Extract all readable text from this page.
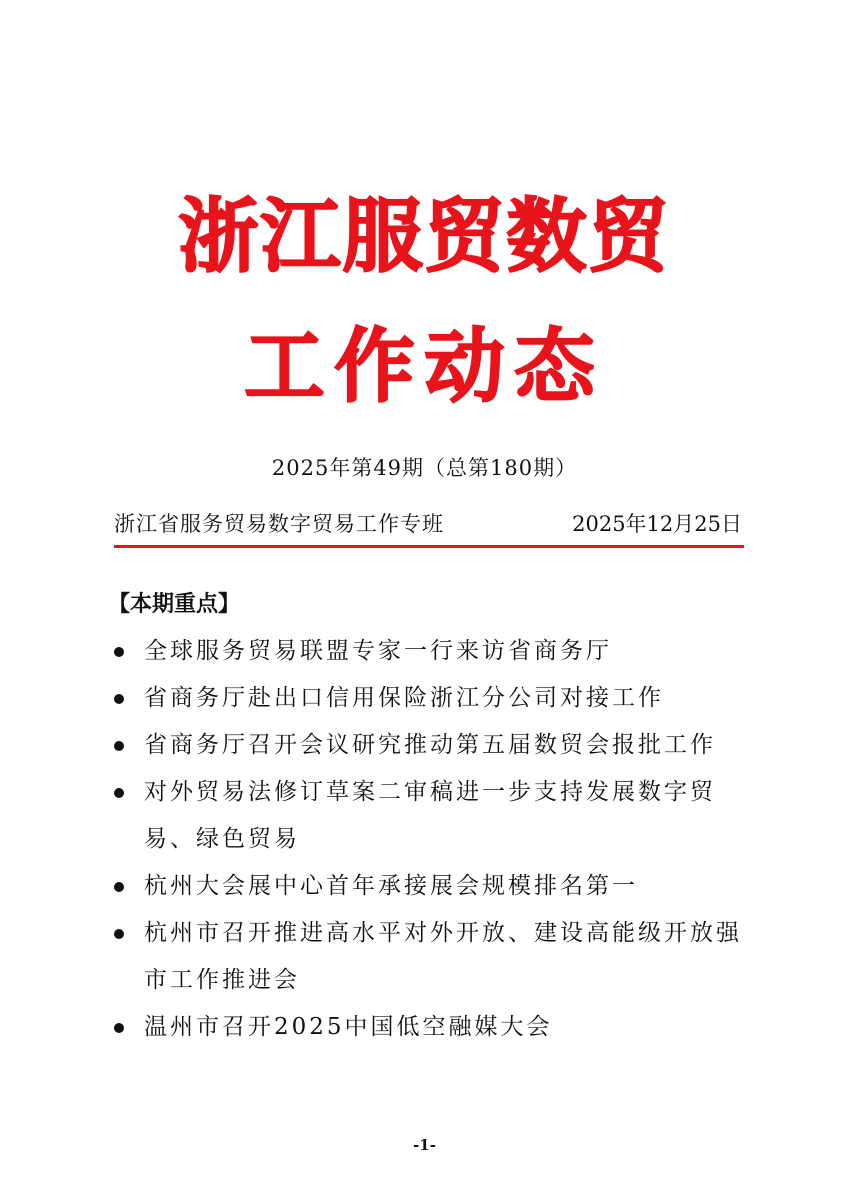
浙江服贸数贸
工作动态
2025年第49期（总第180期）
浙江省服务贸易数字贸易工作专班	2025年12月25日
【本期重点】
全球服务贸易联盟专家一行来访省商务厅
省商务厅赴出口信用保险浙江分公司对接工作
省商务厅召开会议研究推动第五届数贸会报批工作
对外贸易法修订草案二审稿进一步支持发展数字贸易、绿色贸易
杭州大会展中心首年承接展会规模排名第一
杭州市召开推进高水平对外开放、建设高能级开放强市工作推进会
温州市召开2025中国低空融媒大会
-1-
